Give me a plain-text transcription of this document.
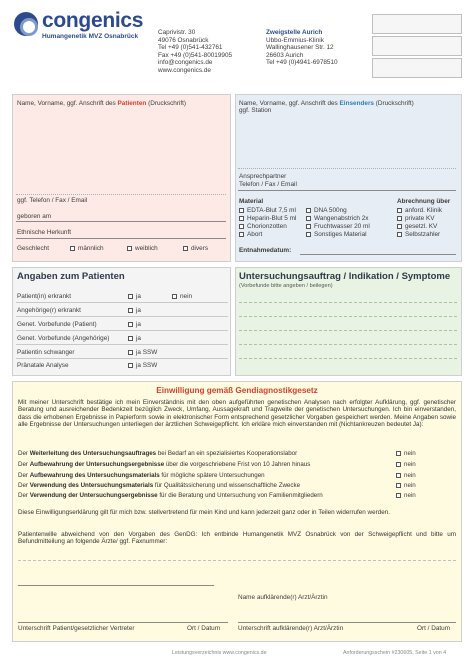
congenics
Humangenetik MVZ Osnabrück
Caprivistr. 30
49076 Osnabrück
Tel +49 (0)541-432761
Fax +49 (0)541-80019905
info@congenics.de
www.congenics.de
Zweigstelle Aurich
Ubbo-Emmius-Klinik
Wallinghausener Str. 12
26603 Aurich
Tel +49 (0)4941-6978510
Name, Vorname, ggf. Anschrift des Patienten (Druckschrift)
ggf. Telefon / Fax / Email
geboren am
Ethnische Herkunft
Geschlecht	männlich	weiblich	divers
Name, Vorname, ggf. Anschrift des Einsenders (Druckschrift)
ggf. Station
Ansprechpartner
Telefon / Fax / Email
Material
EDTA-Blut 7,5 ml	DNA 500ng
Heparin-Blut 5 ml	Wangenabstrich 2x
Chorionzotten	Fruchtwasser 20 ml
Abort	Sonstiges Material
Abrechnung über
anford. Klinik
private KV
gesetzl. KV
Selbstzahler
Entnahmedatum:
Angaben zum Patienten
Patient(in) erkrankt	ja	nein
Angehörige(r) erkrankt	ja
Genet. Vorbefunde (Patient)	ja
Genet. Vorbefunde (Angehörige)	ja
Patientin schwanger	ja SSW
Pränatale Analyse	ja SSW
Untersuchungsauftrag / Indikation / Symptome
(Vorbefunde bitte angeben / beilegen)
Einwilligung gemäß Gendiagnostikgesetz
Mit meiner Unterschrift bestätige ich mein Einverständnis mit den oben aufgeführten genetischen Analysen nach erfolgter Aufklärung, ggf. genetischer Beratung und ausreichender Bedenkzeit bezüglich Zweck, Umfang, Aussagekraft und Tragweite der genetischen Untersuchungen. Ich bin einverstanden, dass die erhobenen Ergebnisse in Papierform sowie in elektronischer Form entsprechend gesetzlicher Vorgaben gespeichert werden. Meine Angaben sowie alle Ergebnisse der Untersuchungen unterliegen der ärztlichen Schweigepflicht. Ich erkläre mich einverstanden mit (Nichtankreuzen bedeutet Ja):
Der Weiterleitung des Untersuchungsauftrages bei Bedarf an ein spezialisiertes Kooperationslabor	nein
Der Aufbewahrung der Untersuchungsergebnisse über die vorgeschriebene Frist von 10 Jahren hinaus	nein
Der Aufbewahrung des Untersuchungsmaterials für mögliche spätere Untersuchungen	nein
Der Verwendung des Untersuchungsmaterials für Qualitätssicherung und wissenschaftliche Zwecke	nein
Der Verwendung der Untersuchungsergebnisse für die Beratung und Untersuchung von Familienmitgliedern	nein
Diese Einwilligungserklärung gilt für mich bzw. stellvertretend für mein Kind und kann jederzeit ganz oder in Teilen widerrufen werden.
Patientenwille abweichend von den Vorgaben des GenDG: Ich entbinde Humangenetik MVZ Osnabrück von der Schweigepflicht und bitte um Befundmitteilung an folgende Ärzte/ ggf. Faxnummer:
Name aufklärende(r) Arzt/Ärztin
Unterschrift Patient/gesetzlicher Vertreter	Ort / Datum	Unterschrift aufklärende(r) Arzt/Ärztin	Ort / Datum
Leistungsverzeichnis www.congenics.de	Anforderungsschein #230605, Seite 1 von 4
